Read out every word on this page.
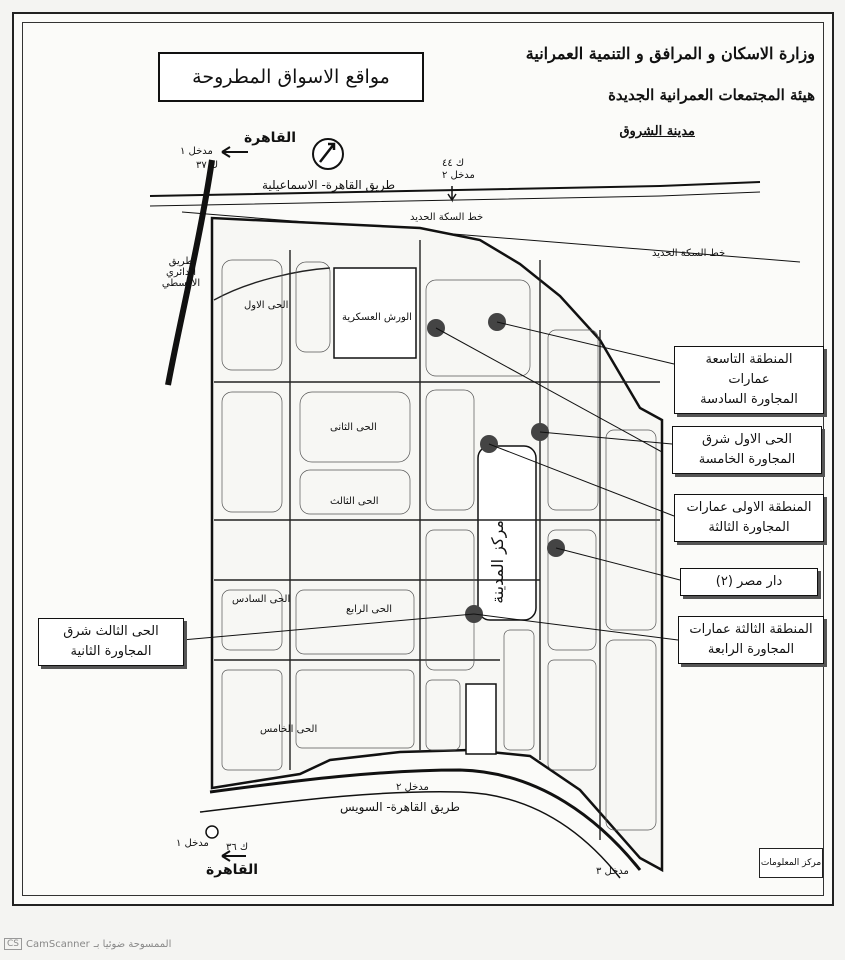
مواقع الاسواق المطروحة
وزارة الاسكان و المرافق و التنمية العمرانية
هيئة المجتمعات العمرانية الجديدة
مدينة الشروق
القاهرة
مدخل ١
ك ٣٧	ك ٤٤
مدخل ٢
طريق القاهرة- الاسماعيلية
خط السكة الحديد
خط السكة الحديد
طريق الدائري الاوسطي
الورش العسكرية
مركز المدينة
الحى الثانى
الحى الثالث
الحى الرابع
الحى الخامس
الحى السادس
الحى الاول
مدخل ٢
طريق القاهرة- السويس
مدخل ١ ك ٣٦
القاهرة	مدخل ٣
المنطقة التاسعة عمارات
المجاورة السادسة
الحى الاول شرق
المجاورة الخامسة
المنطقة الاولى عمارات
المجاورة الثالثة
دار مصر (٢)
المنطقة الثالثة عمارات
المجاورة الرابعة
الحى الثالث شرق
المجاورة الثانية
مركز المعلومات
CS CamScanner الممسوحة ضوئيا بـ
